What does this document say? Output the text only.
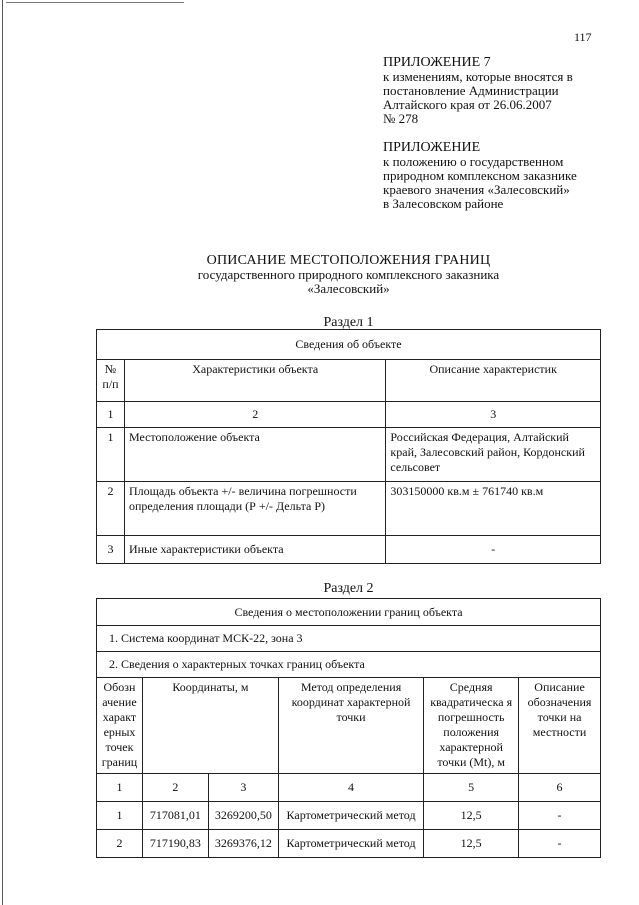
117
ПРИЛОЖЕНИЕ 7
к изменениям, которые вносятся в
постановление Администрации
Алтайского края от 26.06.2007
№ 278
ПРИЛОЖЕНИЕ
к положению о государственном
природном комплексном заказнике
краевого значения «Залесовский»
в Залесовском районе
ОПИСАНИЕ МЕСТОПОЛОЖЕНИЯ ГРАНИЦ
государственного природного комплексного заказника
«Залесовский»
Раздел 1
Сведения об объекте		
№ п/п	Характеристики объекта	Описание характеристик
1	2	3
1	Местоположение объекта	Российская Федерация, Алтайский край, Залесовский район, Кордонский сельсовет
2	Площадь объекта +/- величина погрешности определения площади (Р +/- Дельта Р)	303150000 кв.м ± 761740 кв.м
3	Иные характеристики объекта	-
Раздел 2
Сведения о местоположении границ объекта					
1. Система координат МСК-22, зона 3					
2. Сведения о характерных точках границ объекта					
Обозн ачение характ ерных точек границ	Координаты, м		Метод определения координат характерной точки	Средняя квадратическа я погрешность положения характерной точки (Mt), м	Описание обозначения точки на местности
1	2	3	4	5	6
1	717081,01	3269200,50	Картометрический метод	12,5	-
2	717190,83	3269376,12	Картометрический метод	12,5	-
